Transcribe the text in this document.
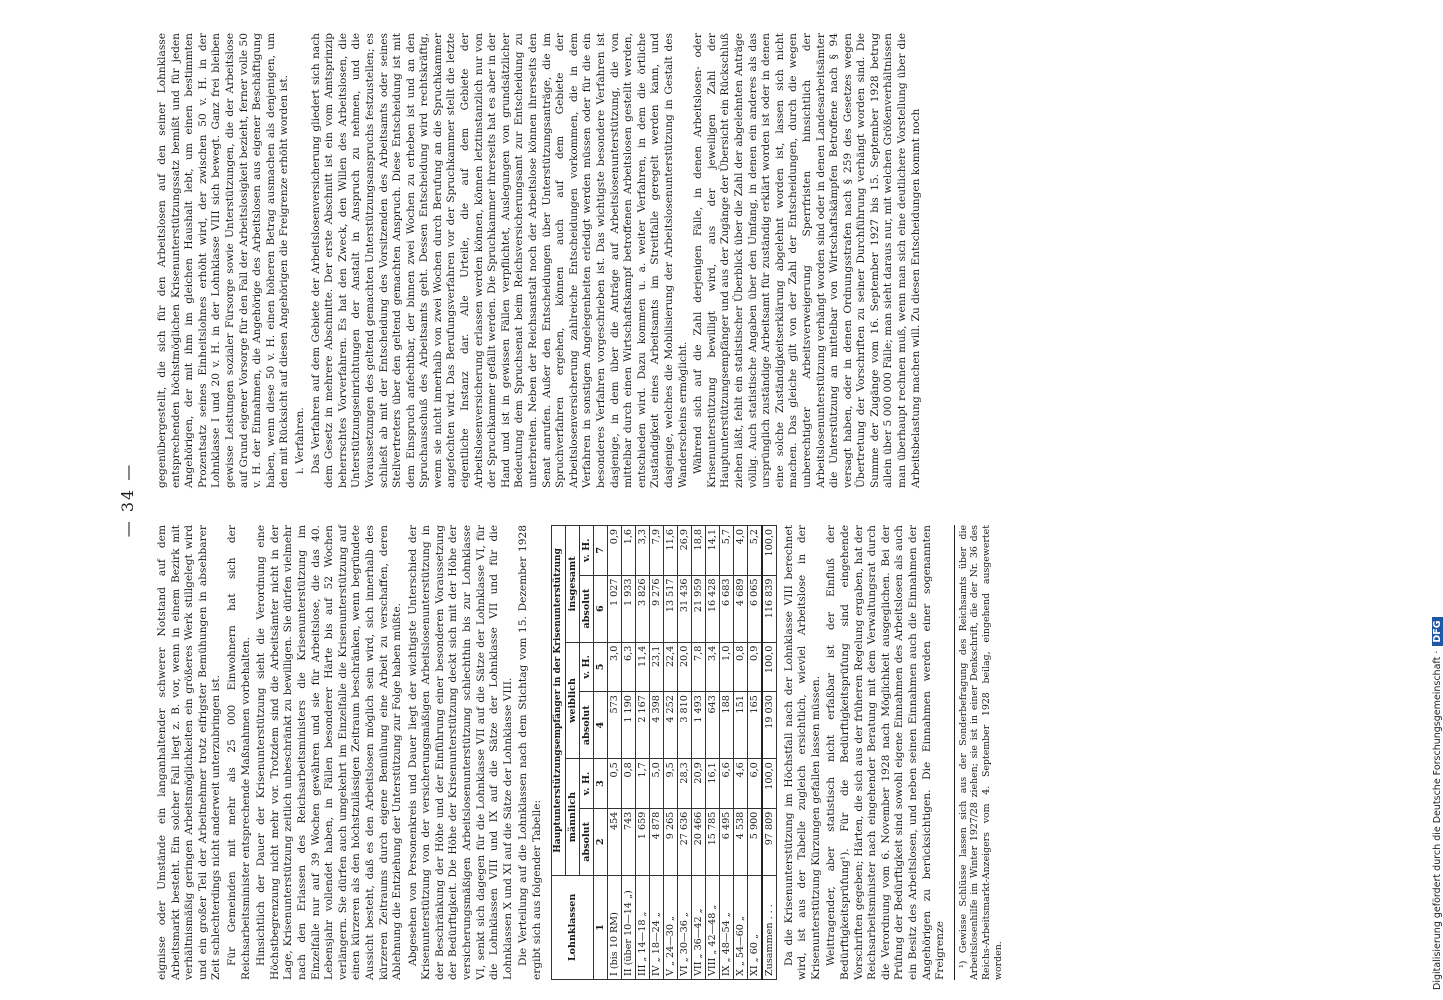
— 34 —

eignisse oder Umstände ein langanhaltender schwerer Notstand auf dem Arbeitsmarkt besteht. Ein solcher Fall liegt z. B. vor, wenn in einem Bezirk mit verhältnismäßig geringen Arbeitsmöglichkeiten ein größeres Werk stillgelegt wird und ein großer Teil der Arbeitnehmer trotz eifrigster Bemühungen in absehbarer Zeit schlechterdings nicht anderweit unterzubringen ist. Für Gemeinden mit mehr als 25 000 Einwohnern hat sich der Reichsarbeitsminister entsprechende Maßnahmen vorbehalten. Hinsichtlich der Dauer der Krisenunterstützung sieht die Verordnung eine Höchstbegrenzung nicht mehr vor. Trotzdem sind die Arbeitsämter nicht in der Lage, Krisenunterstützung zeitlich unbeschränkt zu bewilligen. Sie dürfen vielmehr nach den Erlassen des Reichsarbeitsministers die Krisenunterstützung im Einzelfalle nur auf 39 Wochen gewähren und sie für Arbeitslose, die das 40. Lebensjahr vollendet haben, in Fällen besonderer Härte bis auf 52 Wochen verlängern. Sie dürfen auch umgekehrt im Einzelfalle die Krisenunterstützung auf einen kürzeren als den höchstzulässigen Zeitraum beschränken, wenn begründete Aussicht besteht, daß es den Arbeitslosen möglich sein wird, sich innerhalb des kürzeren Zeitraums durch eigene Bemühung eine Arbeit zu verschaffen, deren Ablehnung die Entziehung der Unterstützung zur Folge haben müßte. Abgesehen von Personenkreis und Dauer liegt der wichtigste Unterschied der Krisenunterstützung von der versicherungsmäßigen Arbeitslosenunterstützung in der Beschränkung der Höhe und der Einführung einer besonderen Voraussetzung der Bedürftigkeit. Die Höhe der Krisenunterstützung deckt sich mit der Höhe der versicherungsmäßigen Arbeitslosenunterstützung schlechthin bis zur Lohnklasse VI, senkt sich dagegen für die Lohnklasse VII auf die Sätze der Lohnklasse VI, für die Lohnklassen VIII und IX auf die Sätze der Lohnklasse VII und für die Lohnklassen X und XI auf die Sätze der Lohnklasse VIII. Die Verteilung auf die Lohnklassen nach dem Stichtag vom 15. Dezember 1928 ergibt sich aus folgender Tabelle: Lohnklassen	Hauptunterstützungsempfänger in der Krisenunterstützung					
	männlich		weiblich		insgesamt	
	absolut	v. H.	absolut	v. H.	absolut	v. H.
1	2	3	4	5	6	7
I (bis 10 RM)	454	0,5	573	3,0	1 027	0,9
II (über 10—14 „)	743	0,8	1 190	6,3	1 933	1,6
III „ 14—18 „	1 659	1,7	2 167	11,4	3 826	3,3
IV „ 18—24 „	4 878	5,0	4 398	23,1	9 276	7,9
V „ 24—30 „	9 265	9,5	4 252	22,4	13 517	11,6
VI „ 30—36 „	27 636	28,3	3 810	20,0	31 436	26,9
VII „ 36—42 „	20 466	20,9	1 493	7,8	21 959	18,8
VIII „ 42—48 „	15 785	16,1	643	3,4	16 428	14,1
IX „ 48—54 „	6 495	6,6	188	1,0	6 683	5,7
X „ 54—60 „	4 538	4,6	151	0,8	4 689	4,0
XI „ 60 „	5 900	6,0	165	0,9	6 065	5,2
Zusammen . . .	97 809	100,0	19 030	100,0	116 839	100,0 Da die Krisenunterstützung im Höchstfall nach der Lohnklasse VIII berechnet wird, ist aus der Tabelle zugleich ersichtlich, wieviel Arbeitslose in der Krisenunterstützung Kürzungen gefallen lassen müssen. Weittragender, aber statistisch nicht erfaßbar ist der Einfluß der Bedürftigkeitsprüfung¹). Für die Bedürftigkeitsprüfung sind eingehende Vorschriften gegeben; Härten, die sich aus der früheren Regelung ergaben, hat der Reichsarbeitsminister nach eingehender Beratung mit dem Verwaltungsrat durch die Verordnung vom 6. November 1928 nach Möglichkeit ausgeglichen. Bei der Prüfung der Bedürftigkeit sind sowohl eigene Einnahmen des Arbeitslosen als auch ein Besitz des Arbeitslosen, und neben seinen Einnahmen auch die Einnahmen der Angehörigen zu berücksichtigen. Die Einnahmen werden einer sogenannten Freigrenze ¹) Gewisse Schlüsse lassen sich aus der Sonderbefragung des Reichsamts über die Arbeitslosenhilfe im Winter 1927/28 ziehen; sie ist in einer Denkschrift, die der Nr. 36 des Reichs-Arbeitsmarkt-Anzeigers vom 4. September 1928 beilag, eingehend ausgewertet worden.

gegenübergestellt, die sich für den Arbeitslosen auf den seiner Lohnklasse entsprechenden höchstmöglichen Krisenunterstützungssatz bemißt und für jeden Angehörigen, der mit ihm im gleichen Haushalt lebt, um einen bestimmten Prozentsatz seines Einheitslohnes erhöht wird, der zwischen 50 v. H. in der Lohnklasse I und 20 v. H. in der Lohnklasse VIII sich bewegt. Ganz frei bleiben gewisse Leistungen sozialer Fürsorge sowie Unterstützungen, die der Arbeitslose auf Grund eigener Vorsorge für den Fall der Arbeitslosigkeit bezieht, ferner volle 50 v. H. der Einnahmen, die Angehörige des Arbeitslosen aus eigener Beschäftigung haben, wenn diese 50 v. H. einen höheren Betrag ausmachen als denjenigen, um den mit Rücksicht auf diesen Angehörigen die Freigrenze erhöht worden ist. i. Verfahren. Das Verfahren auf dem Gebiete der Arbeitslosenversicherung gliedert sich nach dem Gesetz in mehrere Abschnitte. Der erste Abschnitt ist ein vom Amtsprinzip beherrschtes Vorverfahren. Es hat den Zweck, den Willen des Arbeitslosen, die Unterstützungseinrichtungen der Anstalt in Anspruch zu nehmen, und die Voraussetzungen des geltend gemachten Unterstützungsanspruchs festzustellen; es schließt ab mit der Entscheidung des Vorsitzenden des Arbeitsamts oder seines Stellvertreters über den geltend gemachten Anspruch. Diese Entscheidung ist mit dem Einspruch anfechtbar, der binnen zwei Wochen zu erheben ist und an den Spruchausschuß des Arbeitsamts geht. Dessen Entscheidung wird rechtskräftig, wenn sie nicht innerhalb von zwei Wochen durch Berufung an die Spruchkammer angefochten wird. Das Berufungsverfahren vor der Spruchkammer stellt die letzte eigentliche Instanz dar. Alle Urteile, die auf dem Gebiete der Arbeitslosenversicherung erlassen werden können, können letztinstanzlich nur von der Spruchkammer gefällt werden. Die Spruchkammer ihrerseits hat es aber in der Hand und ist in gewissen Fällen verpflichtet, Auslegungen von grundsätzlicher Bedeutung dem Spruchsenat beim Reichsversicherungsamt zur Entscheidung zu unterbreiten. Neben der Reichsanstalt noch der Arbeitslose können ihrerseits den Senat anrufen. Außer den Entscheidungen über Unterstützungsanträge, die im Spruchverfahren ergehen, können auch auf dem Gebiete der Arbeitslosenversicherung zahlreiche Entscheidungen vorkommen, die in dem Verfahren in sonstigen Angelegenheiten erledigt werden müssen oder für die ein besonderes Verfahren vorgeschrieben ist. Das wichtigste besondere Verfahren ist dasjenige, in dem über die Anträge auf Arbeitslosenunterstützung, die von mittelbar durch einen Wirtschaftskampf betroffenen Arbeitslosen gestellt werden, entschieden wird. Dazu kommen u. a. weiter Verfahren, in dem die örtliche Zuständigkeit eines Arbeitsamts im Streitfalle geregelt werden kann, und dasjenige, welches die Mobilisierung der Arbeitslosenunterstützung in Gestalt des Wanderscheins ermöglicht. Während sich auf die Zahl derjenigen Fälle, in denen Arbeitslosen- oder Krisenunterstützung bewilligt wird, aus der jeweiligen Zahl der Hauptunterstützungsempfänger und aus der Zugänge der Übersicht ein Rückschluß ziehen läßt, fehlt ein statistischer Überblick über die Zahl der abgelehnten Anträge völlig. Auch statistische Angaben über den Umfang, in denen ein anderes als das ursprünglich zuständige Arbeitsamt für zuständig erklärt worden ist oder in denen eine solche Zuständigkeitserklärung abgelehnt worden ist, lassen sich nicht machen. Das gleiche gilt von der Zahl der Entscheidungen, durch die wegen unberechtigter Arbeitsverweigerung Sperrfristen hinsichtlich der Arbeitslosenunterstützung verhängt worden sind oder in denen Landesarbeitsämter die Unterstützung an mittelbar von Wirtschaftskämpfen Betroffene nach § 94 versagt haben, oder in denen Ordnungsstrafen nach § 259 des Gesetzes wegen Übertretung der Vorschriften zu seiner Durchführung verhängt worden sind. Die Summe der Zugänge vom 16. September 1927 bis 15. September 1928 betrug allein über 5 000 000 Fälle; man sieht daraus nur, mit welchen Größenverhältnissen man überhaupt rechnen muß, wenn man sich eine deutlichere Vorstellung über die Arbeitsbelastung machen will. Zu diesen Entscheidungen kommt noch

Digitalisierung gefördert durch die Deutsche Forschungsgemeinschaft · DFG
